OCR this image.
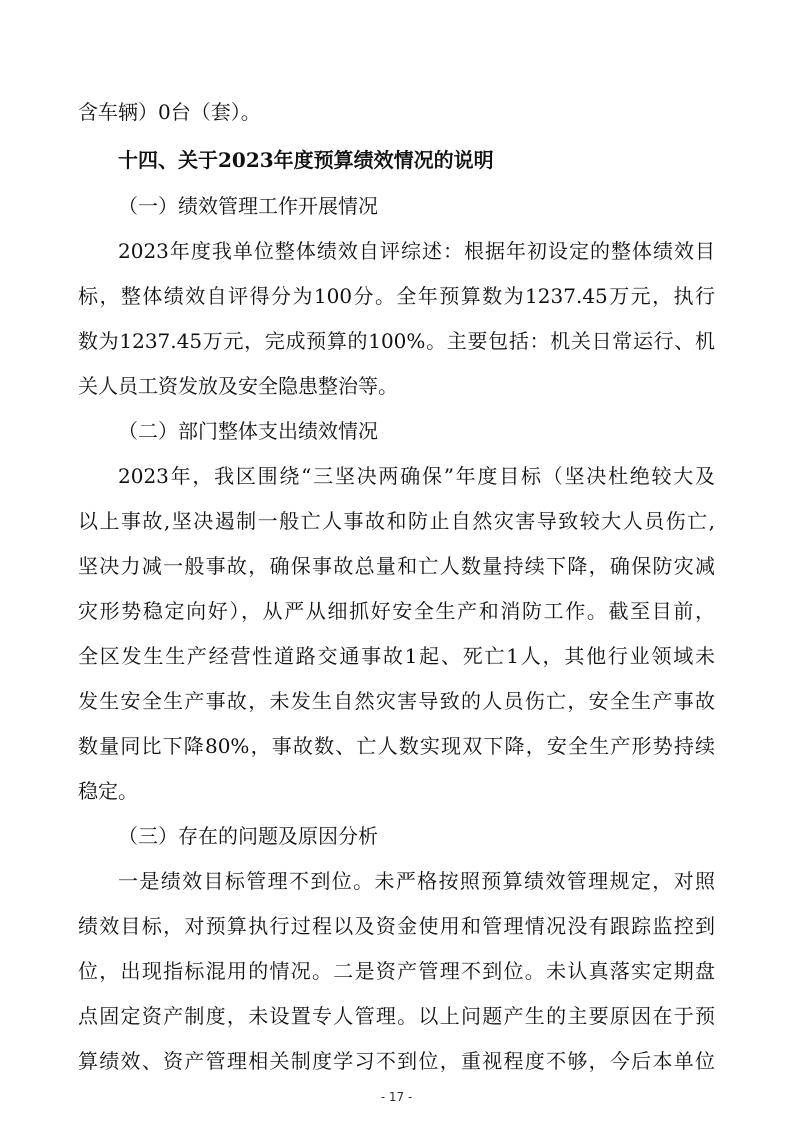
含车辆）0台（套）。
十四、关于2023年度预算绩效情况的说明
（一）绩效管理工作开展情况
2023年度我单位整体绩效自评综述：根据年初设定的整体绩效目
标，整体绩效自评得分为100分。全年预算数为1237.45万元，执行
数为1237.45万元，完成预算的100%。主要包括：机关日常运行、机
关人员工资发放及安全隐患整治等。
（二）部门整体支出绩效情况
2023年，我区围绕“三坚决两确保”年度目标（坚决杜绝较大及
以上事故,坚决遏制一般亡人事故和防止自然灾害导致较大人员伤亡,
坚决力减一般事故，确保事故总量和亡人数量持续下降，确保防灾减
灾形势稳定向好），从严从细抓好安全生产和消防工作。截至目前，
全区发生生产经营性道路交通事故1起、死亡1人，其他行业领域未
发生安全生产事故，未发生自然灾害导致的人员伤亡，安全生产事故
数量同比下降80%，事故数、亡人数实现双下降，安全生产形势持续
稳定。
（三）存在的问题及原因分析
一是绩效目标管理不到位。未严格按照预算绩效管理规定，对照
绩效目标，对预算执行过程以及资金使用和管理情况没有跟踪监控到
位，出现指标混用的情况。二是资产管理不到位。未认真落实定期盘
点固定资产制度，未设置专人管理。以上问题产生的主要原因在于预
算绩效、资产管理相关制度学习不到位，重视程度不够，今后本单位
- 17 -
